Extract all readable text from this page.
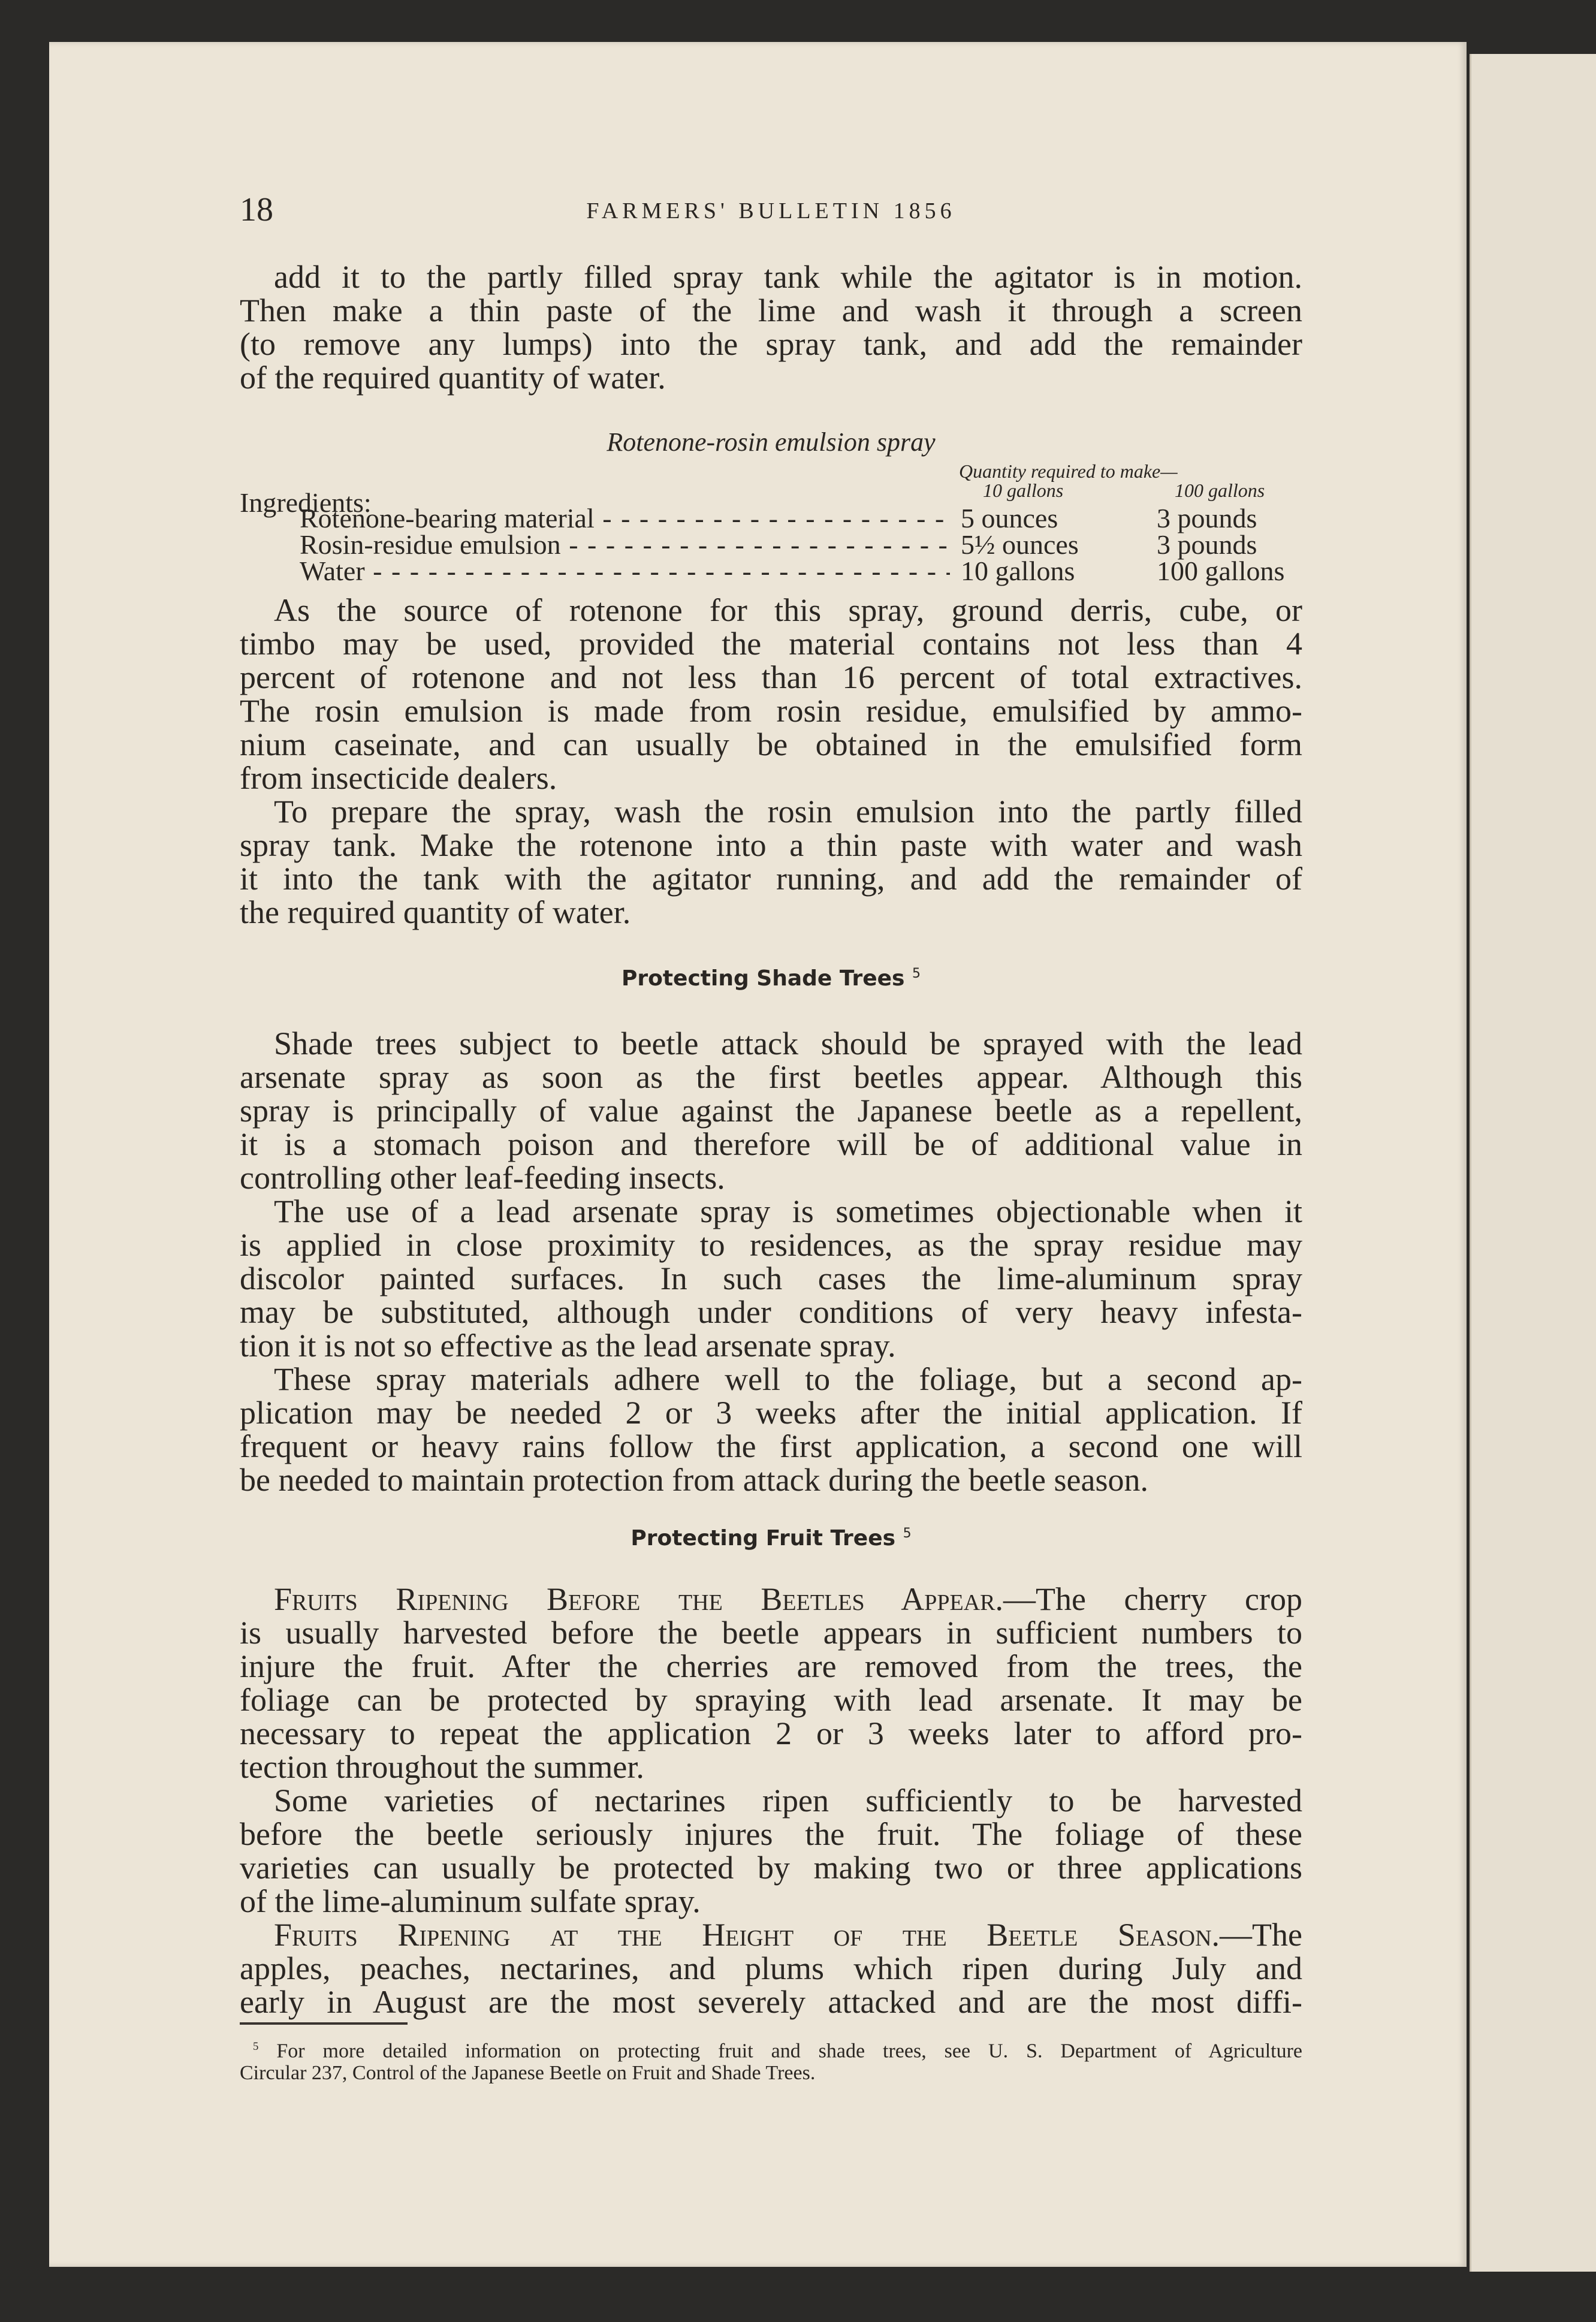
18	FARMERS' BULLETIN 1856
add it to the partly filled spray tank while the agitator is in motion.
Then make a thin paste of the lime and wash it through a screen
(to remove any lumps) into the spray tank, and add the remainder
of the required quantity of water.
Rotenone-rosin emulsion spray
Quantity required to make—
10 gallons	100 gallons
Ingredients:
Rotenone-bearing material - - -	5 ounces	3 pounds
Rosin-residue emulsion - - -	5½ ounces	3 pounds
Water - - -	10 gallons	100 gallons
As the source of rotenone for this spray, ground derris, cube, or
timbo may be used, provided the material contains not less than 4
percent of rotenone and not less than 16 percent of total extractives.
The rosin emulsion is made from rosin residue, emulsified by ammo-
nium caseinate, and can usually be obtained in the emulsified form
from insecticide dealers.
To prepare the spray, wash the rosin emulsion into the partly filled
spray tank. Make the rotenone into a thin paste with water and wash
it into the tank with the agitator running, and add the remainder of
the required quantity of water.
Protecting Shade Trees $^5$
Shade trees subject to beetle attack should be sprayed with the lead
arsenate spray as soon as the first beetles appear. Although this
spray is principally of value against the Japanese beetle as a repellent,
it is a stomach poison and therefore will be of additional value in
controlling other leaf-feeding insects.
The use of a lead arsenate spray is sometimes objectionable when it
is applied in close proximity to residences, as the spray residue may
discolor painted surfaces. In such cases the lime-aluminum spray
may be substituted, although under conditions of very heavy infesta-
tion it is not so effective as the lead arsenate spray.
These spray materials adhere well to the foliage, but a second ap-
plication may be needed 2 or 3 weeks after the initial application. If
frequent or heavy rains follow the first application, a second one will
be needed to maintain protection from attack during the beetle season.
Protecting Fruit Trees $^5$
Fruits Ripening Before the Beetles Appear.—The cherry crop
is usually harvested before the beetle appears in sufficient numbers to
injure the fruit. After the cherries are removed from the trees, the
foliage can be protected by spraying with lead arsenate. It may be
necessary to repeat the application 2 or 3 weeks later to afford pro-
tection throughout the summer.
Some varieties of nectarines ripen sufficiently to be harvested
before the beetle seriously injures the fruit. The foliage of these
varieties can usually be protected by making two or three applications
of the lime-aluminum sulfate spray.
Fruits Ripening at the Height of the Beetle Season.—The
apples, peaches, nectarines, and plums which ripen during July and
early in August are the most severely attacked and are the most diffi-
$^5$ For more detailed information on protecting fruit and shade trees, see U. S. Department of Agriculture
Circular 237, Control of the Japanese Beetle on Fruit and Shade Trees.
